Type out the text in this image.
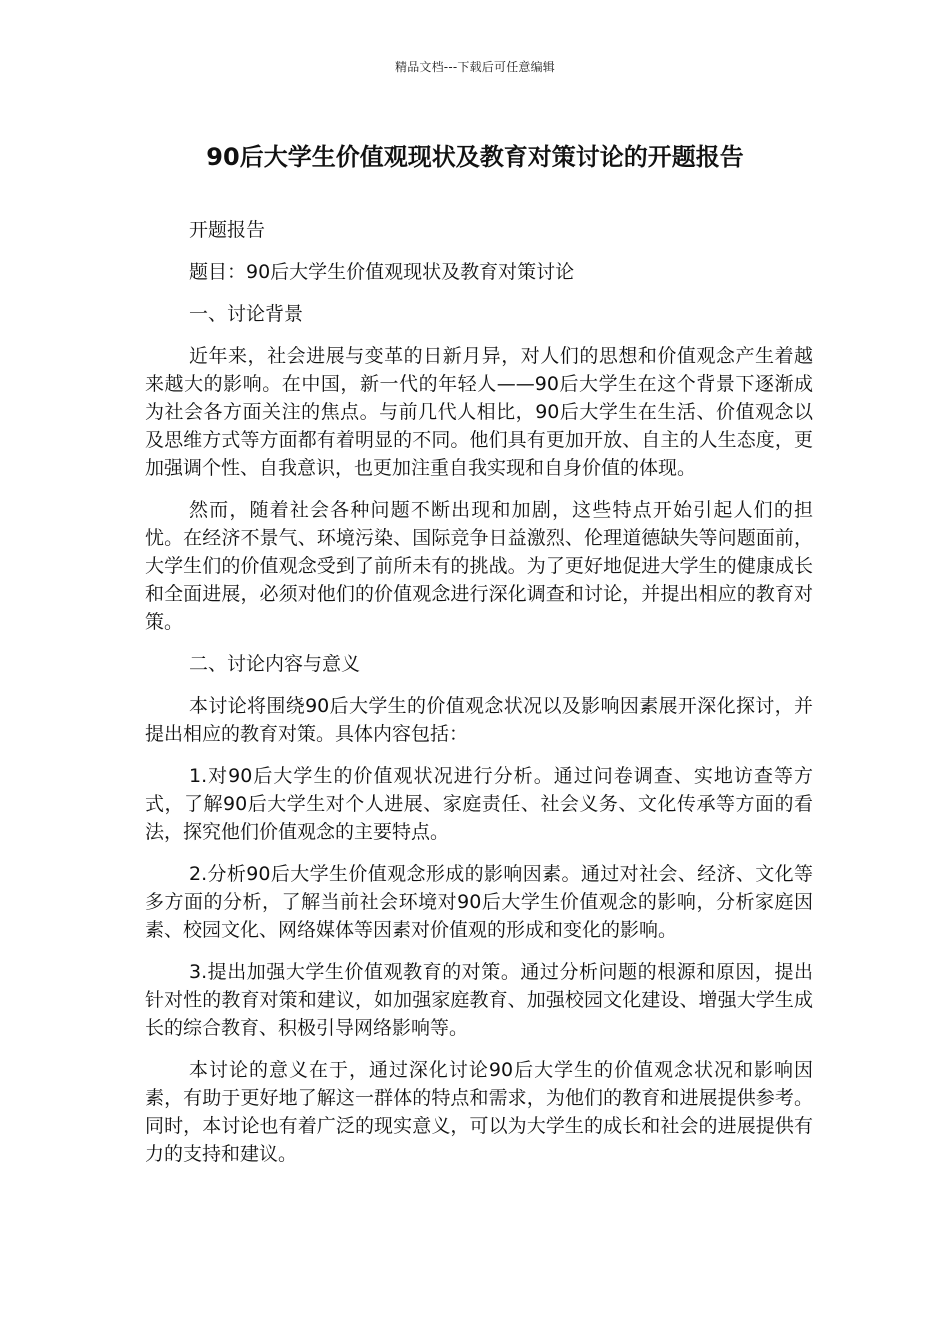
精品文档---下载后可任意编辑
90后大学生价值观现状及教育对策讨论的开题报告

开题报告

题目：90后大学生价值观现状及教育对策讨论

一、讨论背景

近年来，社会进展与变革的日新月异，对人们的思想和价值观念产生着越来越大的影响。在中国，新一代的年轻人——90后大学生在这个背景下逐渐成为社会各方面关注的焦点。与前几代人相比，90后大学生在生活、价值观念以及思维方式等方面都有着明显的不同。他们具有更加开放、自主的人生态度，更加强调个性、自我意识，也更加注重自我实现和自身价值的体现。

然而，随着社会各种问题不断出现和加剧，这些特点开始引起人们的担忧。在经济不景气、环境污染、国际竞争日益激烈、伦理道德缺失等问题面前，大学生们的价值观念受到了前所未有的挑战。为了更好地促进大学生的健康成长和全面进展，必须对他们的价值观念进行深化调查和讨论，并提出相应的教育对策。

二、讨论内容与意义

本讨论将围绕90后大学生的价值观念状况以及影响因素展开深化探讨，并提出相应的教育对策。具体内容包括：

1.对90后大学生的价值观状况进行分析。通过问卷调查、实地访查等方式，了解90后大学生对个人进展、家庭责任、社会义务、文化传承等方面的看法，探究他们价值观念的主要特点。

2.分析90后大学生价值观念形成的影响因素。通过对社会、经济、文化等多方面的分析，了解当前社会环境对90后大学生价值观念的影响，分析家庭因素、校园文化、网络媒体等因素对价值观的形成和变化的影响。

3.提出加强大学生价值观教育的对策。通过分析问题的根源和原因，提出针对性的教育对策和建议，如加强家庭教育、加强校园文化建设、增强大学生成长的综合教育、积极引导网络影响等。

本讨论的意义在于，通过深化讨论90后大学生的价值观念状况和影响因素，有助于更好地了解这一群体的特点和需求，为他们的教育和进展提供参考。同时，本讨论也有着广泛的现实意义，可以为大学生的成长和社会的进展提供有力的支持和建议。
